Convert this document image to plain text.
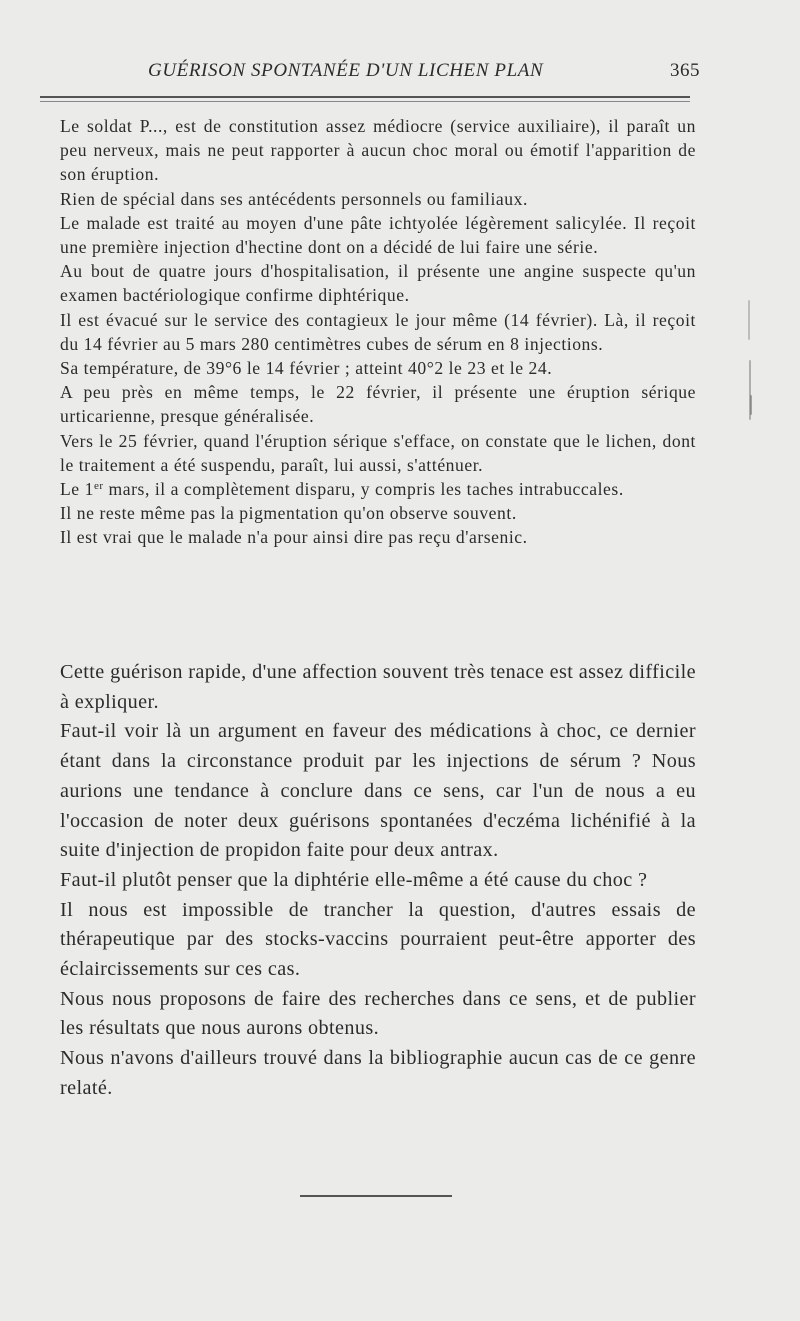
GUÉRISON SPONTANÉE D'UN LICHEN PLAN	365

Le soldat P..., est de constitution assez médiocre (service auxiliaire), il paraît un peu nerveux, mais ne peut rapporter à aucun choc moral ou émotif l'apparition de son éruption.

Rien de spécial dans ses antécédents personnels ou familiaux.

Le malade est traité au moyen d'une pâte ichtyolée légèrement salicylée. Il reçoit une première injection d'hectine dont on a décidé de lui faire une série.

Au bout de quatre jours d'hospitalisation, il présente une angine suspecte qu'un examen bactériologique confirme diphtérique.

Il est évacué sur le service des contagieux le jour même (14 février). Là, il reçoit du 14 février au 5 mars 280 centimètres cubes de sérum en 8 injections.

Sa température, de 39°6 le 14 février ; atteint 40°2 le 23 et le 24.

A peu près en même temps, le 22 février, il présente une éruption sérique urticarienne, presque généralisée.

Vers le 25 février, quand l'éruption sérique s'efface, on constate que le lichen, dont le traitement a été suspendu, paraît, lui aussi, s'atténuer.

Le 1er mars, il a complètement disparu, y compris les taches intrabuccales.

Il ne reste même pas la pigmentation qu'on observe souvent.

Il est vrai que le malade n'a pour ainsi dire pas reçu d'arsenic.

Cette guérison rapide, d'une affection souvent très tenace est assez difficile à expliquer.

Faut-il voir là un argument en faveur des médications à choc, ce dernier étant dans la circonstance produit par les injections de sérum ? Nous aurions une tendance à conclure dans ce sens, car l'un de nous a eu l'occasion de noter deux guérisons spontanées d'eczéma lichénifié à la suite d'injection de propidon faite pour deux antrax.

Faut-il plutôt penser que la diphtérie elle-même a été cause du choc ?

Il nous est impossible de trancher la question, d'autres essais de thérapeutique par des stocks-vaccins pourraient peut-être apporter des éclaircissements sur ces cas.

Nous nous proposons de faire des recherches dans ce sens, et de publier les résultats que nous aurons obtenus.

Nous n'avons d'ailleurs trouvé dans la bibliographie aucun cas de ce genre relaté.
